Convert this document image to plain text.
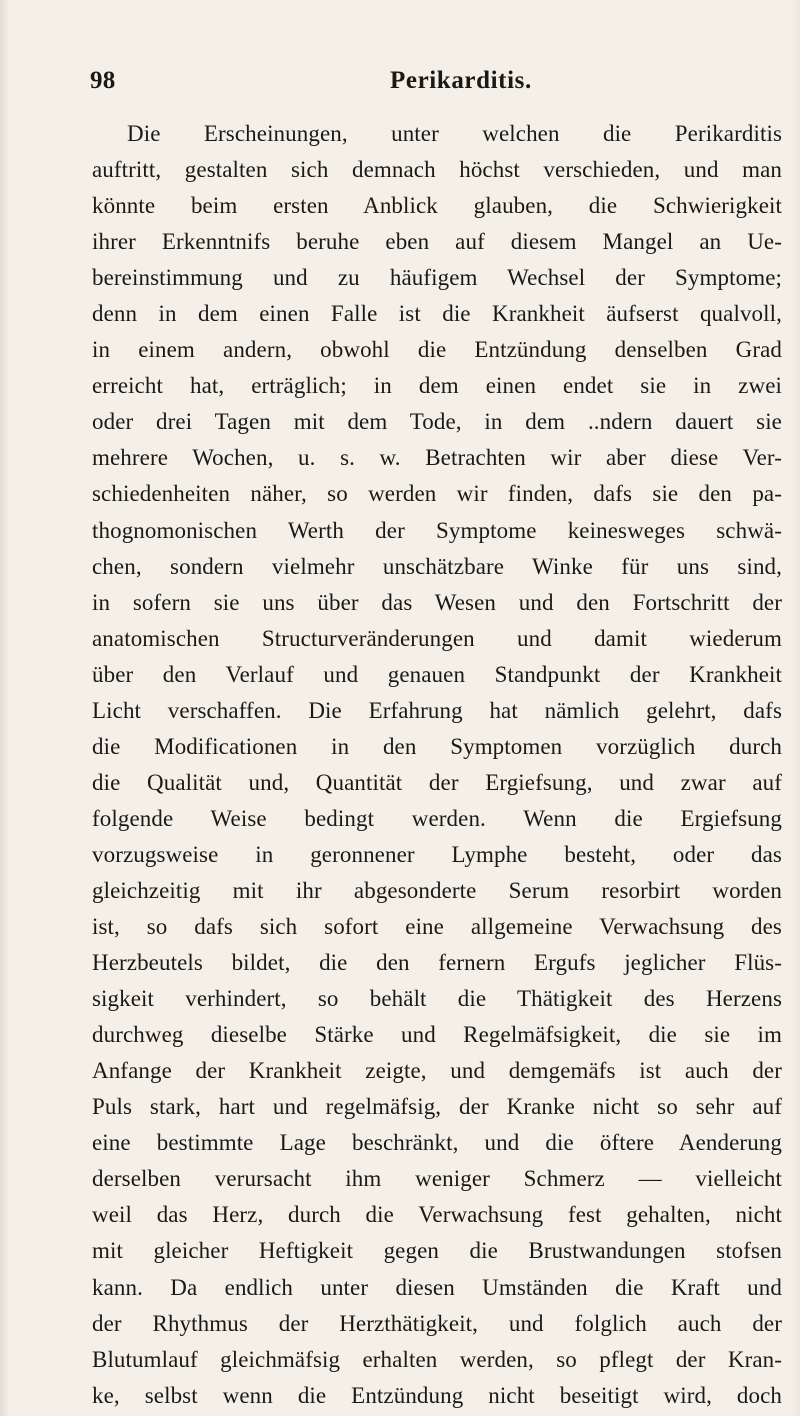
98	Perikarditis.
Die Erscheinungen, unter welchen die Perikarditis
auftritt, gestalten sich demnach höchst verschieden, und man
könnte beim ersten Anblick glauben, die Schwierigkeit
ihrer Erkenntnifs beruhe eben auf diesem Mangel an Ue-
bereinstimmung und zu häufigem Wechsel der Symptome;
denn in dem einen Falle ist die Krankheit äufserst qualvoll,
in einem andern, obwohl die Entzündung denselben Grad
erreicht hat, erträglich; in dem einen endet sie in zwei
oder drei Tagen mit dem Tode, in dem ..ndern dauert sie
mehrere Wochen, u. s. w. Betrachten wir aber diese Ver-
schiedenheiten näher, so werden wir finden, dafs sie den pa-
thognomonischen Werth der Symptome keinesweges schwä-
chen, sondern vielmehr unschätzbare Winke für uns sind,
in sofern sie uns über das Wesen und den Fortschritt der
anatomischen Structurveränderungen und damit wiederum
über den Verlauf und genauen Standpunkt der Krankheit
Licht verschaffen. Die Erfahrung hat nämlich gelehrt, dafs
die Modificationen in den Symptomen vorzüglich durch
die Qualität und, Quantität der Ergiefsung, und zwar auf
folgende Weise bedingt werden. Wenn die Ergiefsung
vorzugsweise in geronnener Lymphe besteht, oder das
gleichzeitig mit ihr abgesonderte Serum resorbirt worden
ist, so dafs sich sofort eine allgemeine Verwachsung des
Herzbeutels bildet, die den fernern Ergufs jeglicher Flüs-
sigkeit verhindert, so behält die Thätigkeit des Herzens
durchweg dieselbe Stärke und Regelmäfsigkeit, die sie im
Anfange der Krankheit zeigte, und demgemäfs ist auch der
Puls stark, hart und regelmäfsig, der Kranke nicht so sehr auf
eine bestimmte Lage beschränkt, und die öftere Aenderung
derselben verursacht ihm weniger Schmerz — vielleicht
weil das Herz, durch die Verwachsung fest gehalten, nicht
mit gleicher Heftigkeit gegen die Brustwandungen stofsen
kann. Da endlich unter diesen Umständen die Kraft und
der Rhythmus der Herzthätigkeit, und folglich auch der
Blutumlauf gleichmäfsig erhalten werden, so pflegt der Kran-
ke, selbst wenn die Entzündung nicht beseitigt wird, doch
